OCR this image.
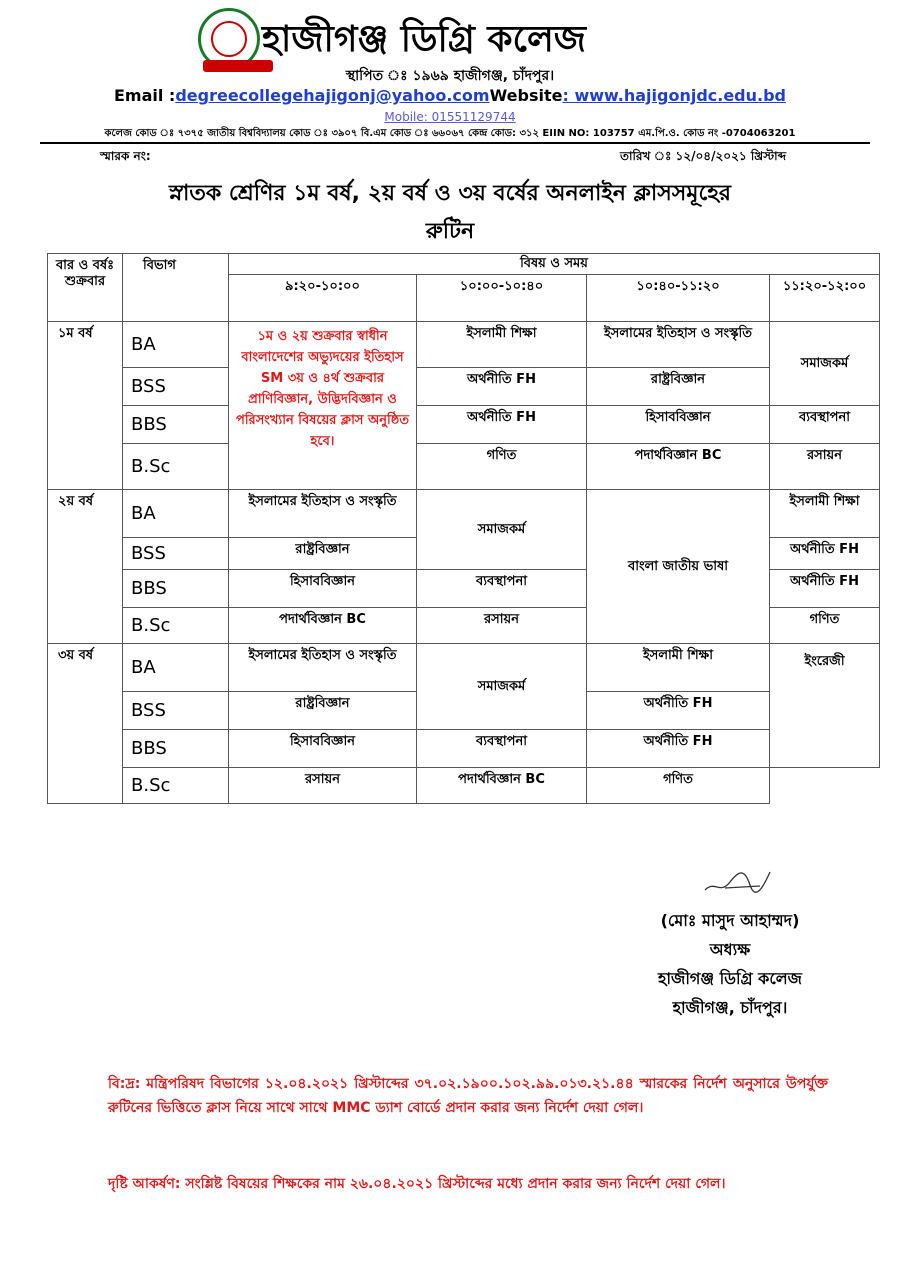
হাজীগঞ্জ ডিগ্রি কলেজ
স্থাপিত ঃ ১৯৬৯ হাজীগঞ্জ, চাঁদপুর।
Email :degreecollegehajigonj@yahoo.comWebsite: www.hajigonjdc.edu.bd
Mobile: 01551129744
কলেজ কোড ঃ ৭৩৭৫ জাতীয় বিশ্ববিদ্যালয় কোড ঃ ৩৯০৭ বি.এম কোড ঃ ৬৬০৬৭ কেন্দ্র কোড: ৩১২ EIIN NO: 103757 এম.পি.ও. কোড নং -0704063201
স্মারক নং:	তারিখ ঃ ১২/০৪/২০২১ খ্রিস্টাব্দ
স্নাতক শ্রেণির ১ম বর্ষ, ২য় বর্ষ ও ৩য় বর্ষের অনলাইন ক্লাসসমূহের
রুটিন
বার ও বর্ষঃ শুক্রবার	বিভাগ	বিষয় ও সময়			
		৯:২০-১০:০০	১০:০০-১০:৪০	১০:৪০-১১:২০	১১:২০-১২:০০
১ম বর্ষ	BA	১ম ও ২য় শুক্রবার স্বাধীন বাংলাদেশের অভ্যুদয়ের ইতিহাস SM ৩য় ও ৪র্থ শুক্রবার প্রাণিবিজ্ঞান, উদ্ভিদবিজ্ঞান ও পরিসংখ্যান বিষয়ের ক্লাস অনুষ্ঠিত হবে।	ইসলামী শিক্ষা	ইসলামের ইতিহাস ও সংস্কৃতি	সমাজকর্ম
	BSS		অর্থনীতি FH	রাষ্ট্রবিজ্ঞান	
	BBS		অর্থনীতি FH	হিসাববিজ্ঞান	ব্যবস্থাপনা
	B.Sc		গণিত	পদার্থবিজ্ঞান BC	রসায়ন
২য় বর্ষ	BA	ইসলামের ইতিহাস ও সংস্কৃতি	সমাজকর্ম	বাংলা জাতীয় ভাষা	ইসলামী শিক্ষা
	BSS	রাষ্ট্রবিজ্ঞান			অর্থনীতি FH
	BBS	হিসাববিজ্ঞান	ব্যবস্থাপনা		অর্থনীতি FH
	B.Sc	পদার্থবিজ্ঞান BC	রসায়ন		গণিত
৩য় বর্ষ	BA	ইসলামের ইতিহাস ও সংস্কৃতি	সমাজকর্ম	ইসলামী শিক্ষা	ইংরেজী
	BSS	রাষ্ট্রবিজ্ঞান		অর্থনীতি FH	
	BBS	হিসাববিজ্ঞান	ব্যবস্থাপনা	অর্থনীতি FH	
	B.Sc	রসায়ন	পদার্থবিজ্ঞান BC	গণিত	
(মোঃ মাসুদ আহাম্মদ)
অধ্যক্ষ
হাজীগঞ্জ ডিগ্রি কলেজ
হাজীগঞ্জ, চাঁদপুর।
বি:দ্র: মন্ত্রিপরিষদ বিভাগের ১২.০৪.২০২১ খ্রিস্টাব্দের ৩৭.০২.১৯০০.১০২.৯৯.০১৩.২১.৪৪ স্মারকের নির্দেশ অনুসারে উপর্যুক্ত রুটিনের ভিত্তিতে ক্লাস নিয়ে সাথে সাথে MMC ড্যাশ বোর্ডে প্রদান করার জন্য নির্দেশ দেয়া গেল।
দৃষ্টি আকর্ষণ: সংশ্লিষ্ট বিষয়ের শিক্ষকের নাম ২৬.০৪.২০২১ খ্রিস্টাব্দের মধ্যে প্রদান করার জন্য নির্দেশ দেয়া গেল।
